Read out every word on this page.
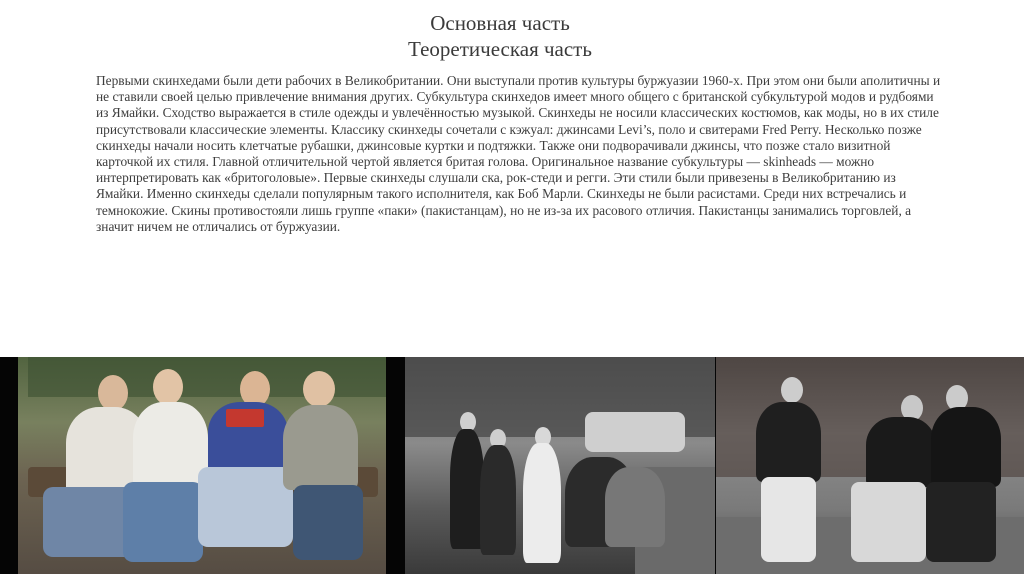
Основная часть
Теоретическая часть
Первыми скинхедами были дети рабочих в Великобритании. Они выступали против культуры буржуазии 1960-х. При этом они были аполитичны и не ставили своей целью привлечение внимания других. Субкультура скинхедов имеет много общего с британской субкультурой модов и рудбоями из Ямайки. Сходство выражается в стиле одежды и увлечённостью музыкой. Скинхеды не носили классических костюмов, как моды, но в их стиле присутствовали классические элементы. Классику скинхеды сочетали с кэжуал: джинсами Levi’s, поло и свитерами Fred Perry. Несколько позже скинхеды начали носить клетчатые рубашки, джинсовые куртки и подтяжки. Также они подворачивали джинсы, что позже стало визитной карточкой их стиля. Главной отличительной чертой является бритая голова. Оригинальное название субкультуры — skinheads — можно интерпретировать как «бритоголовые». Первые скинхеды слушали ска, рок-стеди и регги. Эти стили были привезены в Великобританию из Ямайки. Именно скинхеды сделали популярным такого исполнителя, как Боб Марли. Скинхеды не были расистами. Среди них встречались и темнокожие. Скины противостояли лишь группе «паки» (пакистанцам), но не из-за их расового отличия. Пакистанцы занимались торговлей, а значит ничем не отличались от буржуазии.
